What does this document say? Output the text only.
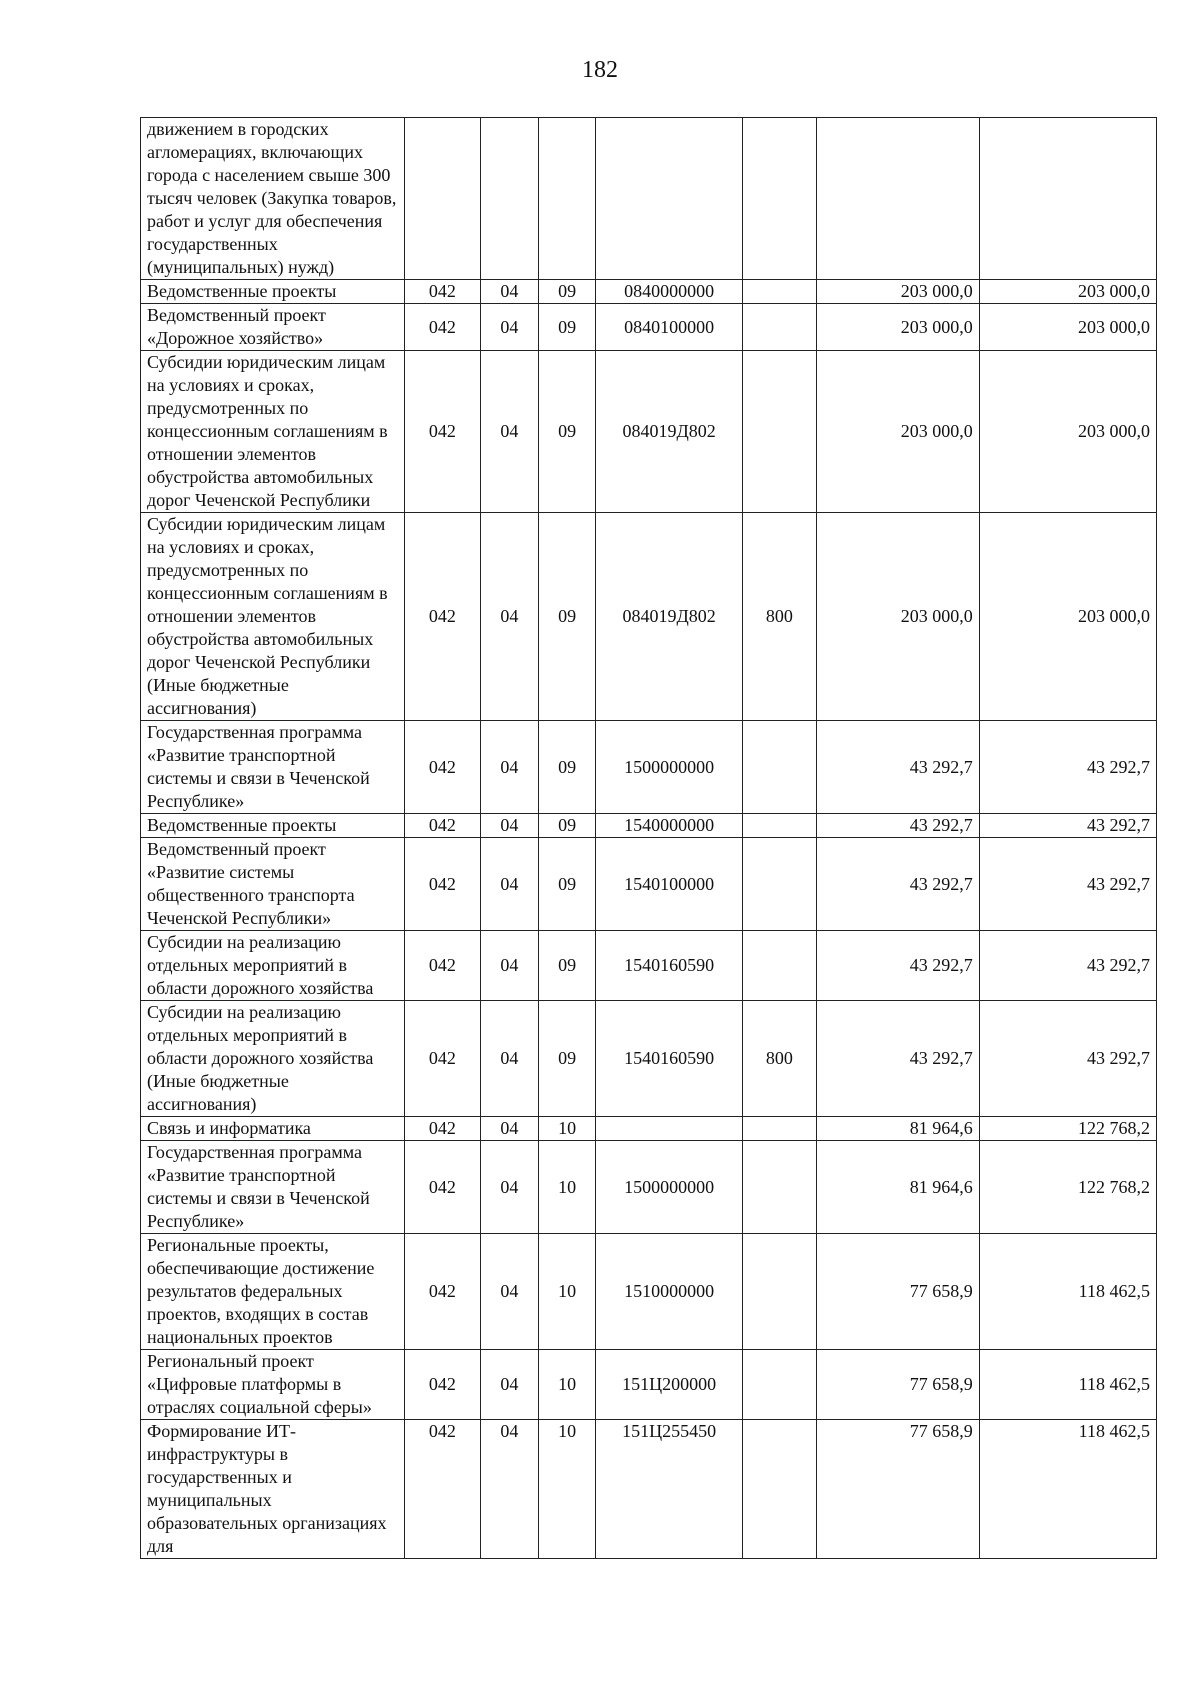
182
движением в городских агломерациях, включающих города с населением свыше 300 тысяч человек (Закупка товаров, работ и услуг для обеспечения государственных (муниципальных) нужд)							
Ведомственные проекты	042	04	09	0840000000		203 000,0	203 000,0
Ведомственный проект «Дорожное хозяйство»	042	04	09	0840100000		203 000,0	203 000,0
Субсидии юридическим лицам на условиях и сроках, предусмотренных по концессионным соглашениям в отношении элементов обустройства автомобильных дорог Чеченской Республики	042	04	09	084019Д802		203 000,0	203 000,0
Субсидии юридическим лицам на условиях и сроках, предусмотренных по концессионным соглашениям в отношении элементов обустройства автомобильных дорог Чеченской Республики (Иные бюджетные ассигнования)	042	04	09	084019Д802	800	203 000,0	203 000,0
Государственная программа «Развитие транспортной системы и связи в Чеченской Республике»	042	04	09	1500000000		43 292,7	43 292,7
Ведомственные проекты	042	04	09	1540000000		43 292,7	43 292,7
Ведомственный проект «Развитие системы общественного транспорта Чеченской Республики»	042	04	09	1540100000		43 292,7	43 292,7
Субсидии на реализацию отдельных мероприятий в области дорожного хозяйства	042	04	09	1540160590		43 292,7	43 292,7
Субсидии на реализацию отдельных мероприятий в области дорожного хозяйства (Иные бюджетные ассигнования)	042	04	09	1540160590	800	43 292,7	43 292,7
Связь и информатика	042	04	10			81 964,6	122 768,2
Государственная программа «Развитие транспортной системы и связи в Чеченской Республике»	042	04	10	1500000000		81 964,6	122 768,2
Региональные проекты, обеспечивающие достижение результатов федеральных проектов, входящих в состав национальных проектов	042	04	10	1510000000		77 658,9	118 462,5
Региональный проект «Цифровые платформы в отраслях социальной сферы»	042	04	10	151Ц200000		77 658,9	118 462,5
Формирование ИТ-инфраструктуры в государственных и муниципальных образовательных организациях для	042	04	10	151Ц255450		77 658,9	118 462,5
